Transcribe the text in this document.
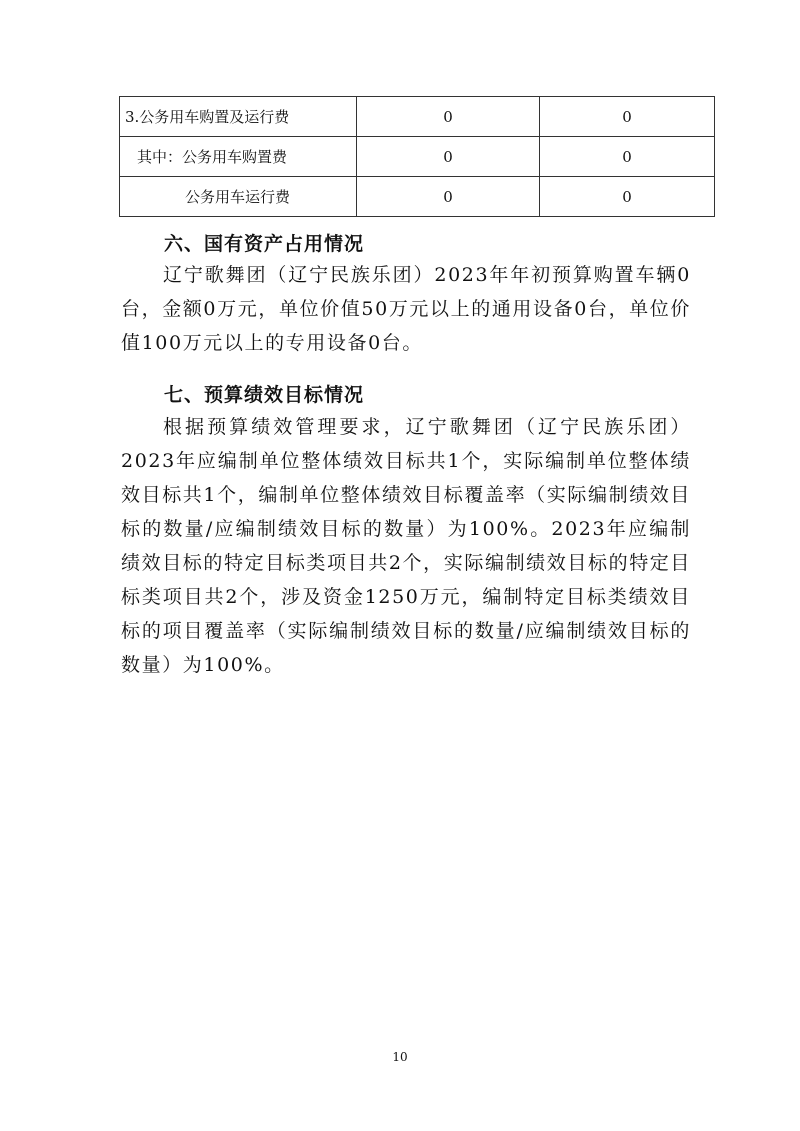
3.公务用车购置及运行费	0	0
其中：公务用车购置费	0	0
公务用车运行费	0	0
六、国有资产占用情况

辽宁歌舞团（辽宁民族乐团）2023年年初预算购置车辆0台，金额0万元，单位价值50万元以上的通用设备0台，单位价值100万元以上的专用设备0台。

七、预算绩效目标情况

根据预算绩效管理要求，辽宁歌舞团（辽宁民族乐团）2023年应编制单位整体绩效目标共1个，实际编制单位整体绩效目标共1个，编制单位整体绩效目标覆盖率（实际编制绩效目标的数量/应编制绩效目标的数量）为100%。2023年应编制绩效目标的特定目标类项目共2个，实际编制绩效目标的特定目标类项目共2个，涉及资金1250万元，编制特定目标类绩效目标的项目覆盖率（实际编制绩效目标的数量/应编制绩效目标的数量）为100%。

10
